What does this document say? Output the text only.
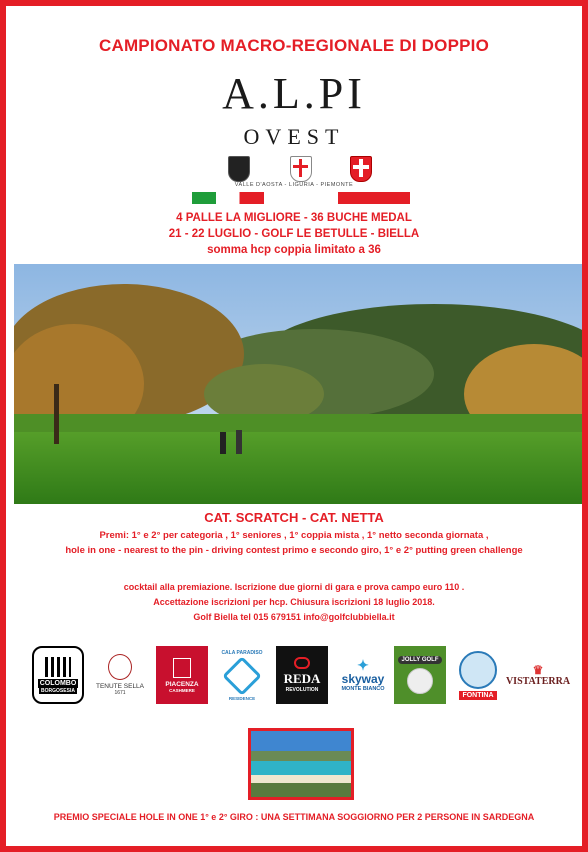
CAMPIONATO MACRO-REGIONALE DI DOPPIO
A.L.PI
OVEST
VALLE D'AOSTA - LIGURIA - PIEMONTE
4 PALLE LA MIGLIORE - 36 BUCHE MEDAL
21 - 22 LUGLIO - GOLF LE BETULLE - BIELLA
somma hcp coppia limitato a 36
CAT. SCRATCH - CAT. NETTA
Premi: 1° e 2° per categoria , 1° seniores , 1° coppia mista , 1° netto seconda giornata ,
hole in one - nearest to the pin - driving contest primo e secondo giro, 1° e 2° putting green challenge
cocktail alla premiazione. Iscrizione due giorni di gara e prova campo euro 110 .
Accettazione iscrizioni per hcp. Chiusura iscrizioni 18 luglio 2018.
Golf Biella tel 015 679151 info@golfclubbiella.it
COLOMBO
BORGOSESIA
TENUTE SELLA
1671
PIACENZA
CASHMERE
CALA PARADISO
RESIDENCE
REDA
REVOLUTION
✦
skyway
MONTE BIANCO
JOLLY GOLF
FONTINA
♛
VISTATERRA
PREMIO SPECIALE HOLE IN ONE 1° e 2° GIRO : UNA SETTIMANA SOGGIORNO PER 2 PERSONE IN SARDEGNA
